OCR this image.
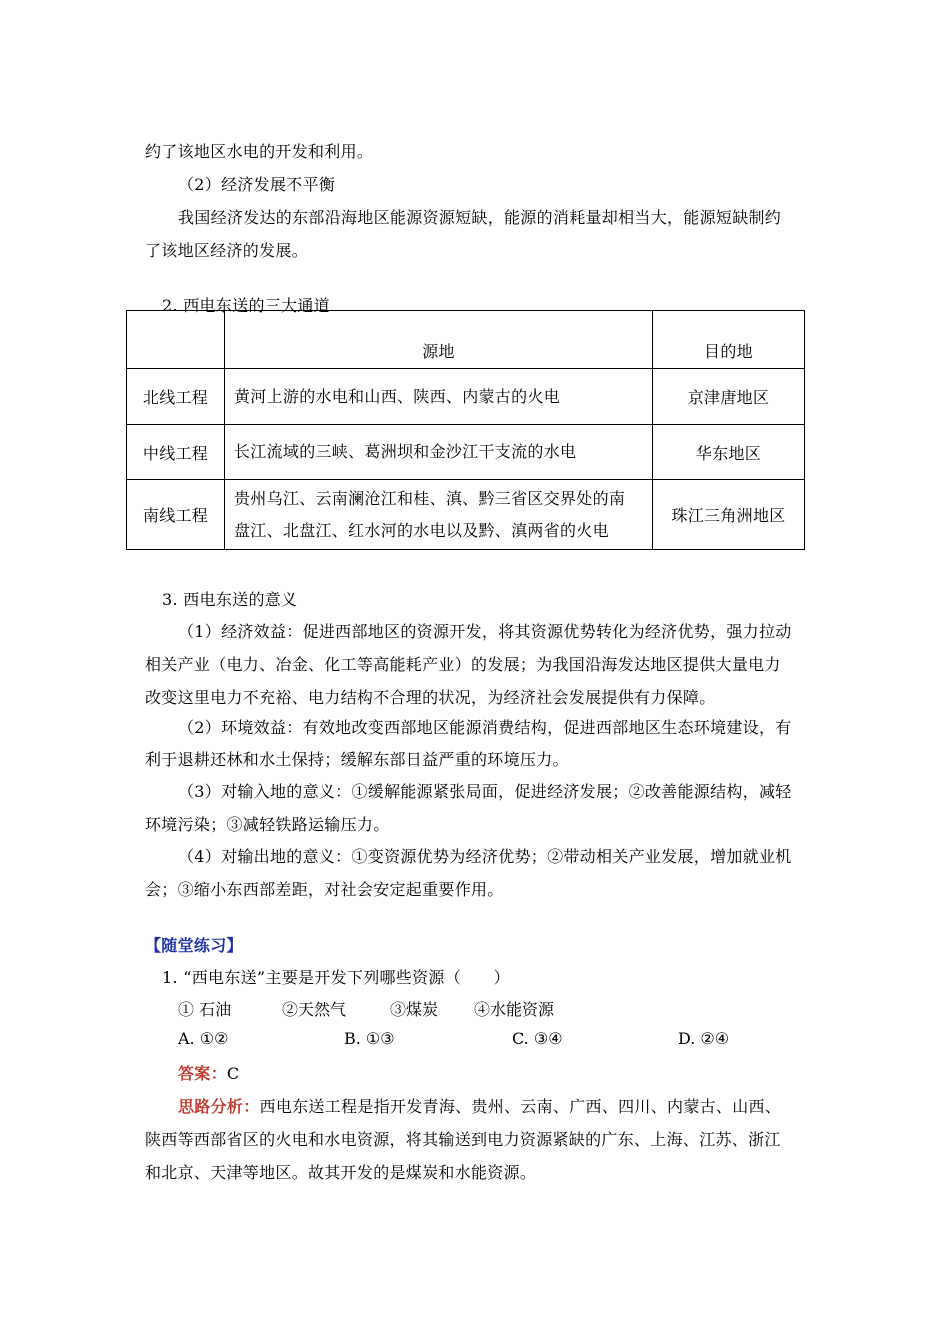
约了该地区水电的开发和利用。
（2）经济发展不平衡
我国经济发达的东部沿海地区能源资源短缺，能源的消耗量却相当大，能源短缺制约
了该地区经济的发展。
2. 西电东送的三大通道
	源地	目的地
北线工程	黄河上游的水电和山西、陕西、内蒙古的火电	京津唐地区
中线工程	长江流域的三峡、葛洲坝和金沙江干支流的水电	华东地区
南线工程	贵州乌江、云南澜沧江和桂、滇、黔三省区交界处的南
盘江、北盘江、红水河的水电以及黔、滇两省的火电	珠江三角洲地区
3. 西电东送的意义
（1）经济效益：促进西部地区的资源开发，将其资源优势转化为经济优势，强力拉动
相关产业（电力、冶金、化工等高能耗产业）的发展；为我国沿海发达地区提供大量电力
改变这里电力不充裕、电力结构不合理的状况，为经济社会发展提供有力保障。
（2）环境效益：有效地改变西部地区能源消费结构，促进西部地区生态环境建设，有
利于退耕还林和水土保持；缓解东部日益严重的环境压力。
（3）对输入地的意义：①缓解能源紧张局面，促进经济发展；②改善能源结构，减轻
环境污染；③减轻铁路运输压力。
（4）对输出地的意义：①变资源优势为经济优势；②带动相关产业发展，增加就业机
会；③缩小东西部差距，对社会安定起重要作用。
【随堂练习】
1. “西电东送”主要是开发下列哪些资源（　　）
① 石油	②天然气	③煤炭 ④水能资源
A. ①②	B. ①③	C. ③④	D. ②④
答案：C
思路分析：西电东送工程是指开发青海、贵州、云南、广西、四川、内蒙古、山西、
陕西等西部省区的火电和水电资源，将其输送到电力资源紧缺的广东、上海、江苏、浙江
和北京、天津等地区。故其开发的是煤炭和水能资源。
